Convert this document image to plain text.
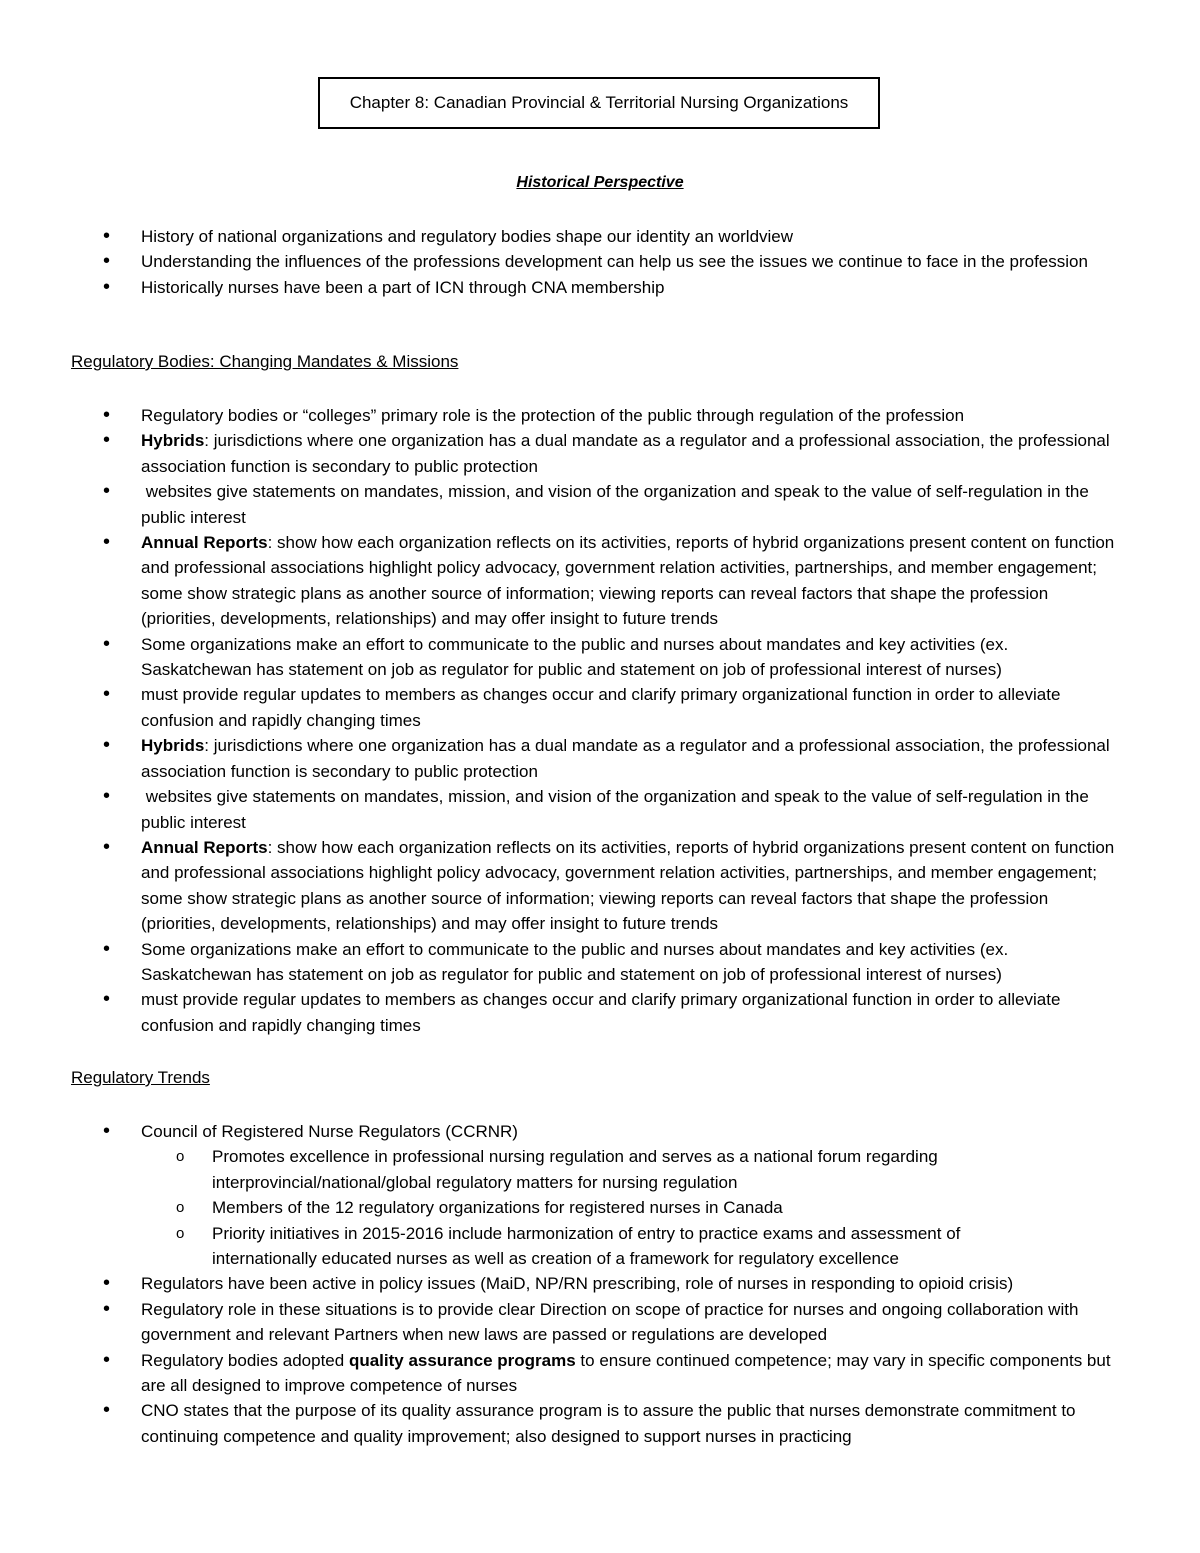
Chapter 8: Canadian Provincial & Territorial Nursing Organizations
Historical Perspective
• History of national organizations and regulatory bodies shape our identity an worldview
• Understanding the influences of the professions development can help us see the issues we continue to face in the profession
• Historically nurses have been a part of ICN through CNA membership
Regulatory Bodies: Changing Mandates & Missions
• Regulatory bodies or “colleges” primary role is the protection of the public through regulation of the profession
• Hybrids: jurisdictions where one organization has a dual mandate as a regulator and a professional association, the professional association function is secondary to public protection
• websites give statements on mandates, mission, and vision of the organization and speak to the value of self-regulation in the public interest
• Annual Reports: show how each organization reflects on its activities, reports of hybrid organizations present content on function and professional associations highlight policy advocacy, government relation activities, partnerships, and member engagement; some show strategic plans as another source of information; viewing reports can reveal factors that shape the profession (priorities, developments, relationships) and may offer insight to future trends
• Some organizations make an effort to communicate to the public and nurses about mandates and key activities (ex. Saskatchewan has statement on job as regulator for public and statement on job of professional interest of nurses)
• must provide regular updates to members as changes occur and clarify primary organizational function in order to alleviate confusion and rapidly changing times
• Hybrids: jurisdictions where one organization has a dual mandate as a regulator and a professional association, the professional association function is secondary to public protection
• websites give statements on mandates, mission, and vision of the organization and speak to the value of self-regulation in the public interest
• Annual Reports: show how each organization reflects on its activities, reports of hybrid organizations present content on function and professional associations highlight policy advocacy, government relation activities, partnerships, and member engagement; some show strategic plans as another source of information; viewing reports can reveal factors that shape the profession (priorities, developments, relationships) and may offer insight to future trends
• Some organizations make an effort to communicate to the public and nurses about mandates and key activities (ex. Saskatchewan has statement on job as regulator for public and statement on job of professional interest of nurses)
• must provide regular updates to members as changes occur and clarify primary organizational function in order to alleviate confusion and rapidly changing times
Regulatory Trends
• Council of Registered Nurse Regulators (CCRNR)
o Promotes excellence in professional nursing regulation and serves as a national forum regarding interprovincial/national/global regulatory matters for nursing regulation
o Members of the 12 regulatory organizations for registered nurses in Canada
o Priority initiatives in 2015-2016 include harmonization of entry to practice exams and assessment of internationally educated nurses as well as creation of a framework for regulatory excellence
• Regulators have been active in policy issues (MaiD, NP/RN prescribing, role of nurses in responding to opioid crisis)
• Regulatory role in these situations is to provide clear Direction on scope of practice for nurses and ongoing collaboration with government and relevant Partners when new laws are passed or regulations are developed
• Regulatory bodies adopted quality assurance programs to ensure continued competence; may vary in specific components but are all designed to improve competence of nurses
• CNO states that the purpose of its quality assurance program is to assure the public that nurses demonstrate commitment to continuing competence and quality improvement; also designed to support nurses in practicing
